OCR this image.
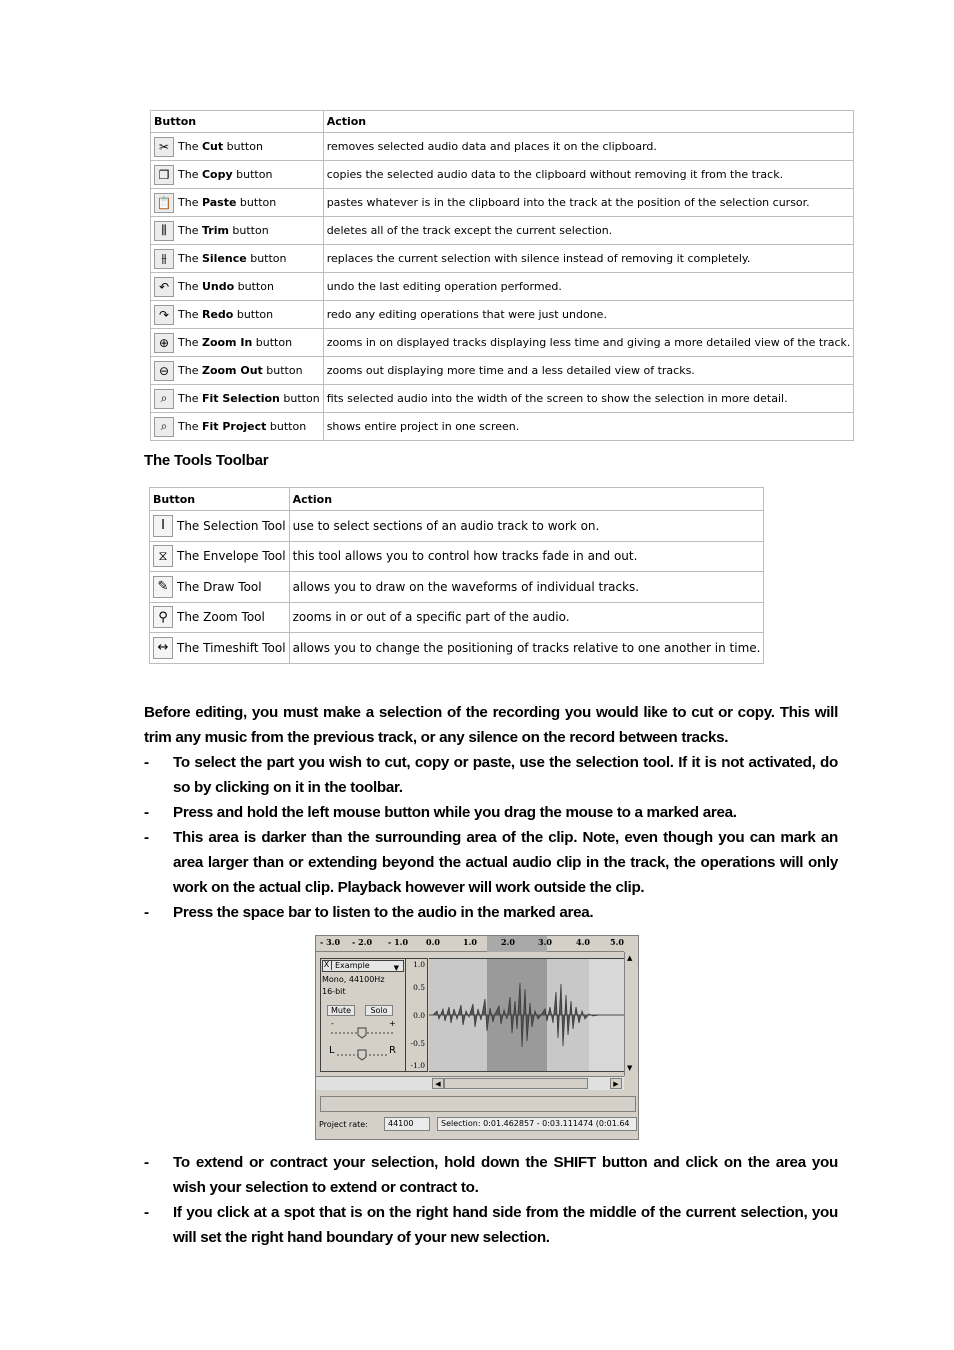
Button	Action

✂ The Cut button	removes selected audio data and places it on the clipboard.

❐ The Copy button	copies the selected audio data to the clipboard without removing it from the track.

📋 The Paste button	pastes whatever is in the clipboard into the track at the position of the selection cursor.

⫼ The Trim button	deletes all of the track except the current selection.

⫵ The Silence button	replaces the current selection with silence instead of removing it completely.

↶ The Undo button	undo the last editing operation performed.

↷ The Redo button	redo any editing operations that were just undone.

⊕ The Zoom In button	zooms in on displayed tracks displaying less time and giving a more detailed view of the track.

⊖ The Zoom Out button	zooms out displaying more time and a less detailed view of tracks.

⌕ The Fit Selection button	fits selected audio into the width of the screen to show the selection in more detail.

⌕ The Fit Project button	shows entire project in one screen.
The Tools Toolbar
Button	Action

I The Selection Tool	use to select sections of an audio track to work on.

⧖ The Envelope Tool	this tool allows you to control how tracks fade in and out.

✎ The Draw Tool	allows you to draw on the waveforms of individual tracks.

⚲ The Zoom Tool	zooms in or out of a specific part of the audio.

↔ The Timeshift Tool	allows you to change the positioning of tracks relative to one another in time.
Before editing, you must make a selection of the recording you would like to cut or copy. This will trim any music from the previous track, or any silence on the record between tracks.
- To select the part you wish to cut, copy or paste, use the selection tool. If it is not activated, do so by clicking on it in the toolbar.
- Press and hold the left mouse button while you drag the mouse to a marked area.
- This area is darker than the surrounding area of the clip. Note, even though you can mark an area larger than or extending beyond the actual audio clip in the track, the operations will only work on the actual clip. Playback however will work outside the clip.
- Press the space bar to listen to the audio in the marked area.
- 3.0 - 2.0 - 1.0 0.0	1.0	2.0	3.0	4.0	5.0
Example	▼
X
Mono, 44100Hz
16-bit
Mute	Solo
-	+
L	R
1.0
0.5
0.0
-0.5
-1.0
▲
▼
◀	▶
Project rate:	44100	Selection: 0:01.462857 - 0:03.111474 (0:01.64
- To extend or contract your selection, hold down the SHIFT button and click on the area you wish your selection to extend or contract to.
- If you click at a spot that is on the right hand side from the middle of the current selection, you will set the right hand boundary of your new selection.
